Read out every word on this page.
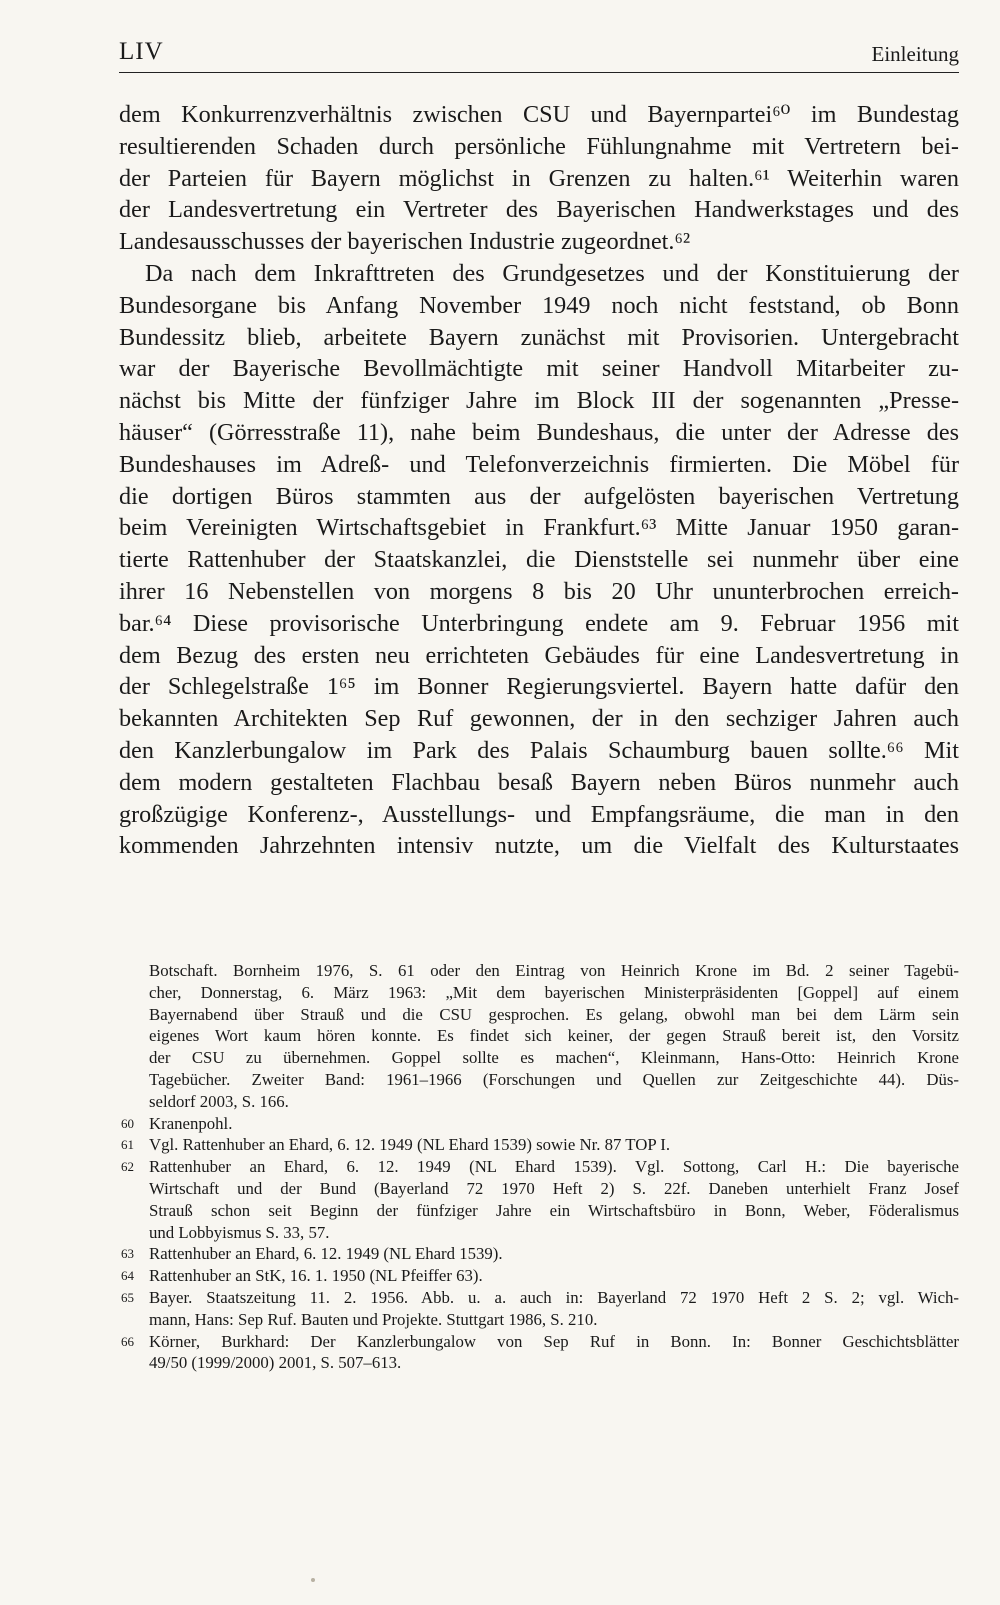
LIV	Einleitung
dem Konkurrenzverhältnis zwischen CSU und Bayernpartei⁶⁰ im Bundestag
resultierenden Schaden durch persönliche Fühlungnahme mit Vertretern bei-
der Parteien für Bayern möglichst in Grenzen zu halten.⁶¹ Weiterhin waren
der Landesvertretung ein Vertreter des Bayerischen Handwerkstages und des
Landesausschusses der bayerischen Industrie zugeordnet.⁶²
Da nach dem Inkrafttreten des Grundgesetzes und der Konstituierung der
Bundesorgane bis Anfang November 1949 noch nicht feststand, ob Bonn
Bundessitz blieb, arbeitete Bayern zunächst mit Provisorien. Untergebracht
war der Bayerische Bevollmächtigte mit seiner Handvoll Mitarbeiter zu-
nächst bis Mitte der fünfziger Jahre im Block III der sogenannten „Presse-
häuser“ (Görresstraße 11), nahe beim Bundeshaus, die unter der Adresse des
Bundeshauses im Adreß- und Telefonverzeichnis firmierten. Die Möbel für
die dortigen Büros stammten aus der aufgelösten bayerischen Vertretung
beim Vereinigten Wirtschaftsgebiet in Frankfurt.⁶³ Mitte Januar 1950 garan-
tierte Rattenhuber der Staatskanzlei, die Dienststelle sei nunmehr über eine
ihrer 16 Nebenstellen von morgens 8 bis 20 Uhr ununterbrochen erreich-
bar.⁶⁴ Diese provisorische Unterbringung endete am 9. Februar 1956 mit
dem Bezug des ersten neu errichteten Gebäudes für eine Landesvertretung in
der Schlegelstraße 1⁶⁵ im Bonner Regierungsviertel. Bayern hatte dafür den
bekannten Architekten Sep Ruf gewonnen, der in den sechziger Jahren auch
den Kanzlerbungalow im Park des Palais Schaumburg bauen sollte.⁶⁶ Mit
dem modern gestalteten Flachbau besaß Bayern neben Büros nunmehr auch
großzügige Konferenz-, Ausstellungs- und Empfangsräume, die man in den
kommenden Jahrzehnten intensiv nutzte, um die Vielfalt des Kulturstaates
Botschaft. Bornheim 1976, S. 61 oder den Eintrag von Heinrich Krone im Bd. 2 seiner Tagebü-
cher, Donnerstag, 6. März 1963: „Mit dem bayerischen Ministerpräsidenten [Goppel] auf einem
Bayernabend über Strauß und die CSU gesprochen. Es gelang, obwohl man bei dem Lärm sein
eigenes Wort kaum hören konnte. Es findet sich keiner, der gegen Strauß bereit ist, den Vorsitz
der CSU zu übernehmen. Goppel sollte es machen“, Kleinmann, Hans-Otto: Heinrich Krone
Tagebücher. Zweiter Band: 1961–1966 (Forschungen und Quellen zur Zeitgeschichte 44). Düs-
seldorf 2003, S. 166.
60 Kranenpohl.
61 Vgl. Rattenhuber an Ehard, 6. 12. 1949 (NL Ehard 1539) sowie Nr. 87 TOP I.
62 Rattenhuber an Ehard, 6. 12. 1949 (NL Ehard 1539). Vgl. Sottong, Carl H.: Die bayerische
Wirtschaft und der Bund (Bayerland 72 1970 Heft 2) S. 22f. Daneben unterhielt Franz Josef
Strauß schon seit Beginn der fünfziger Jahre ein Wirtschaftsbüro in Bonn, Weber, Föderalismus
und Lobbyismus S. 33, 57.
63 Rattenhuber an Ehard, 6. 12. 1949 (NL Ehard 1539).
64 Rattenhuber an StK, 16. 1. 1950 (NL Pfeiffer 63).
65 Bayer. Staatszeitung 11. 2. 1956. Abb. u. a. auch in: Bayerland 72 1970 Heft 2 S. 2; vgl. Wich-
mann, Hans: Sep Ruf. Bauten und Projekte. Stuttgart 1986, S. 210.
66 Körner, Burkhard: Der Kanzlerbungalow von Sep Ruf in Bonn. In: Bonner Geschichtsblätter
49/50 (1999/2000) 2001, S. 507–613.
